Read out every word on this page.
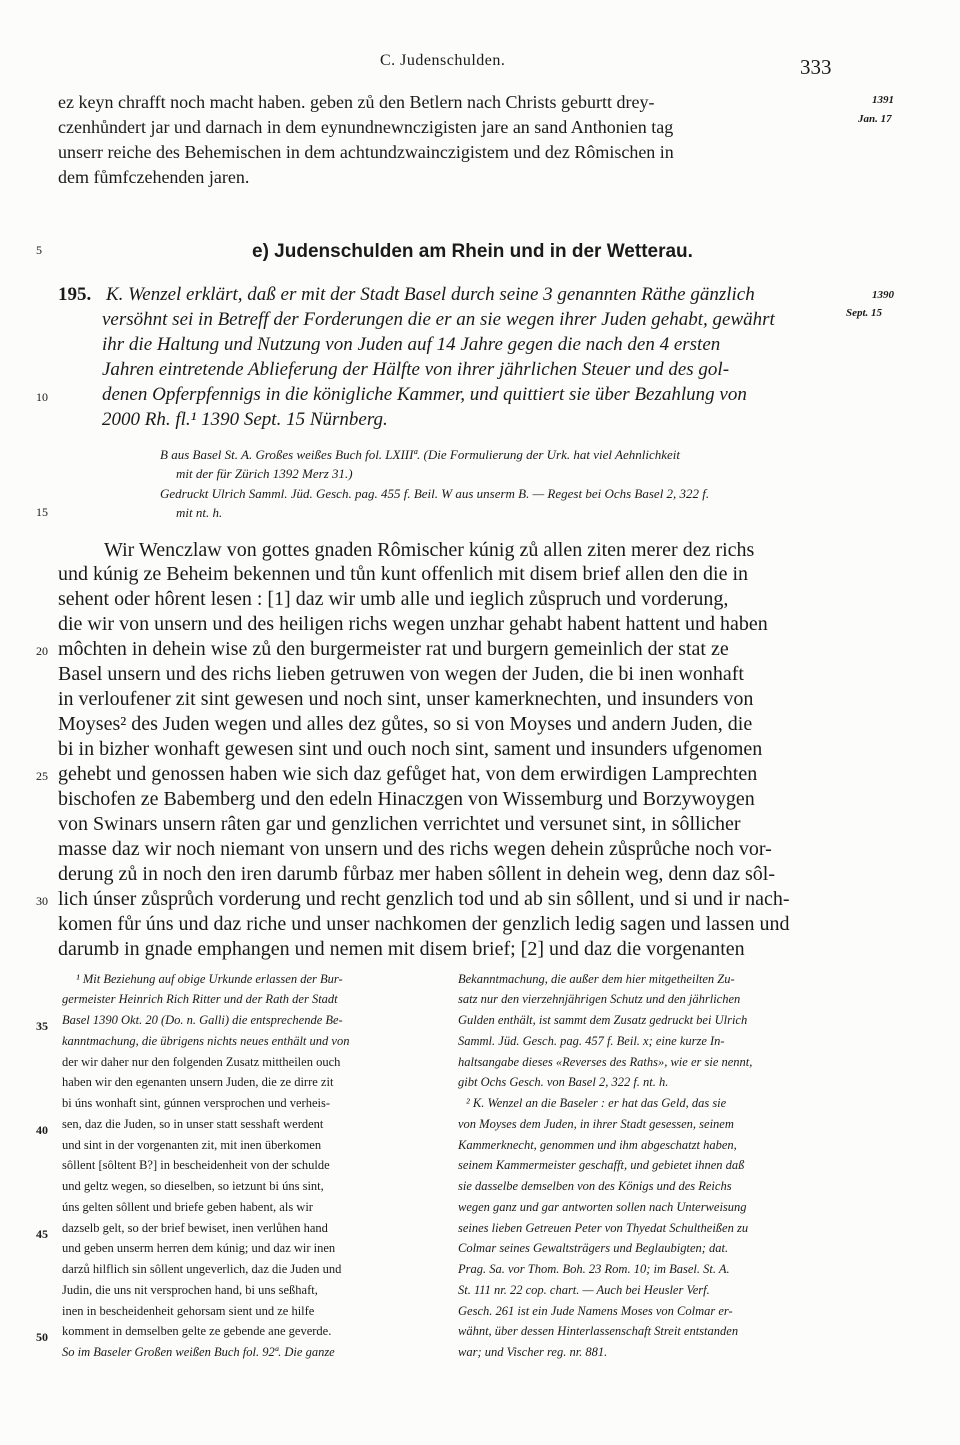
C. Judenschulden.	333
1391
Jan. 17
ez keyn chrafft noch macht haben. geben zů den Betlern nach Christs geburtt drey-
czenhůndert jar und darnach in dem eynundnewnczigisten jare an sand Anthonien tag
unserr reiche des Behemischen in dem achtundzwainczigistem und dez Rômischen in
dem fůmfczehenden jaren.
5	e) Judenschulden am Rhein und in der Wetterau.
1390
Sept. 15
195. K. Wenzel erklärt, daß er mit der Stadt Basel durch seine 3 genannten Räthe gänzlich
versöhnt sei in Betreff der Forderungen die er an sie wegen ihrer Juden gehabt, gewährt
ihr die Haltung und Nutzung von Juden auf 14 Jahre gegen die nach den 4 ersten
Jahren eintretende Ablieferung der Hälfte von ihrer jährlichen Steuer und des gol-
denen Opferpfennigs in die königliche Kammer, und quittiert sie über Bezahlung von
2000 Rh. fl.¹ 1390 Sept. 15 Nürnberg.
10
B aus Basel St. A. Großes weißes Buch fol. LXIIIª. (Die Formulierung der Urk. hat viel Aehnlichkeit
mit der für Zürich 1392 Merz 31.)
Gedruckt Ulrich Samml. Jüd. Gesch. pag. 455 f. Beil. W aus unserm B. — Regest bei Ochs Basel 2, 322 f.
mit nt. h.
15
Wir Wenczlaw von gottes gnaden Rômischer kúnig zů allen ziten merer dez richs
und kúnig ze Beheim bekennen und tůn kunt offenlich mit disem brief allen den die in
sehent oder hôrent lesen : [1] daz wir umb alle und ieglich zůspruch und vorderung,
die wir von unsern und des heiligen richs wegen unzhar gehabt habent hattent und haben
môchten in dehein wise zů den burgermeister rat und burgern gemeinlich der stat ze
Basel unsern und des richs lieben getruwen von wegen der Juden, die bi inen wonhaft
in verloufener zit sint gewesen und noch sint, unser kamerknechten, und insunders von
Moyses² des Juden wegen und alles dez gůtes, so si von Moyses und andern Juden, die
bi in bizher wonhaft gewesen sint und ouch noch sint, sament und insunders ufgenomen
gehebt und genossen haben wie sich daz gefůget hat, von dem erwirdigen Lamprechten
bischofen ze Babemberg und den edeln Hinaczgen von Wissemburg und Borzywoygen
von Swinars unsern râten gar und genzlichen verrichtet und versunet sint, in sôllicher
masse daz wir noch niemant von unsern und des richs wegen dehein zůsprůche noch vor-
derung zů in noch den iren darumb fůrbaz mer haben sôllent in dehein weg, denn daz sôl-
lich únser zůsprůch vorderung und recht genzlich tod und ab sin sôllent, und si und ir nach-
komen fůr úns und daz riche und unser nachkomen der genzlich ledig sagen und lassen und
darumb in gnade emphangen und nemen mit disem brief; [2] und daz die vorgenanten
20
25
30
¹ Mit Beziehung auf obige Urkunde erlassen der Bur-
germeister Heinrich Rich Ritter und der Rath der Stadt
Basel 1390 Okt. 20 (Do. n. Galli) die entsprechende Be-
kanntmachung, die übrigens nichts neues enthält und von
der wir daher nur den folgenden Zusatz mittheilen ouch
haben wir den egenanten unsern Juden, die ze dirre zit
bi úns wonhaft sint, gúnnen versprochen und verheis-
sen, daz die Juden, so in unser statt sesshaft werdent
und sint in der vorgenanten zit, mit inen überkomen
sôllent [sôltent B?] in bescheidenheit von der schulde
und geltz wegen, so dieselben, so ietzunt bi úns sint,
úns gelten sôllent und briefe geben habent, als wir
dazselb gelt, so der brief bewiset, inen verlůhen hand
und geben unserm herren dem kúnig; und daz wir inen
darzů hilflich sin sôllent ungeverlich, daz die Juden und
Judin, die uns nit versprochen hand, bi uns seßhaft,
inen in bescheidenheit gehorsam sient und ze hilfe
komment in demselben gelte ze gebende ane geverde.
So im Baseler Großen weißen Buch fol. 92ª. Die ganze
35
40
45
50
Bekanntmachung, die außer dem hier mitgetheilten Zu-
satz nur den vierzehnjährigen Schutz und den jährlichen
Gulden enthält, ist sammt dem Zusatz gedruckt bei Ulrich
Samml. Jüd. Gesch. pag. 457 f. Beil. x; eine kurze In-
haltsangabe dieses «Reverses des Raths», wie er sie nennt,
gibt Ochs Gesch. von Basel 2, 322 f. nt. h.
² K. Wenzel an die Baseler : er hat das Geld, das sie
von Moyses dem Juden, in ihrer Stadt gesessen, seinem
Kammerknecht, genommen und ihm abgeschatzt haben,
seinem Kammermeister geschafft, und gebietet ihnen daß
sie dasselbe demselben von des Königs und des Reichs
wegen ganz und gar antworten sollen nach Unterweisung
seines lieben Getreuen Peter von Thyedat Schultheißen zu
Colmar seines Gewaltsträgers und Beglaubigten; dat.
Prag. Sa. vor Thom. Boh. 23 Rom. 10; im Basel. St. A.
St. 111 nr. 22 cop. chart. — Auch bei Heusler Verf.
Gesch. 261 ist ein Jude Namens Moses von Colmar er-
wähnt, über dessen Hinterlassenschaft Streit entstanden
war; und Vischer reg. nr. 881.
